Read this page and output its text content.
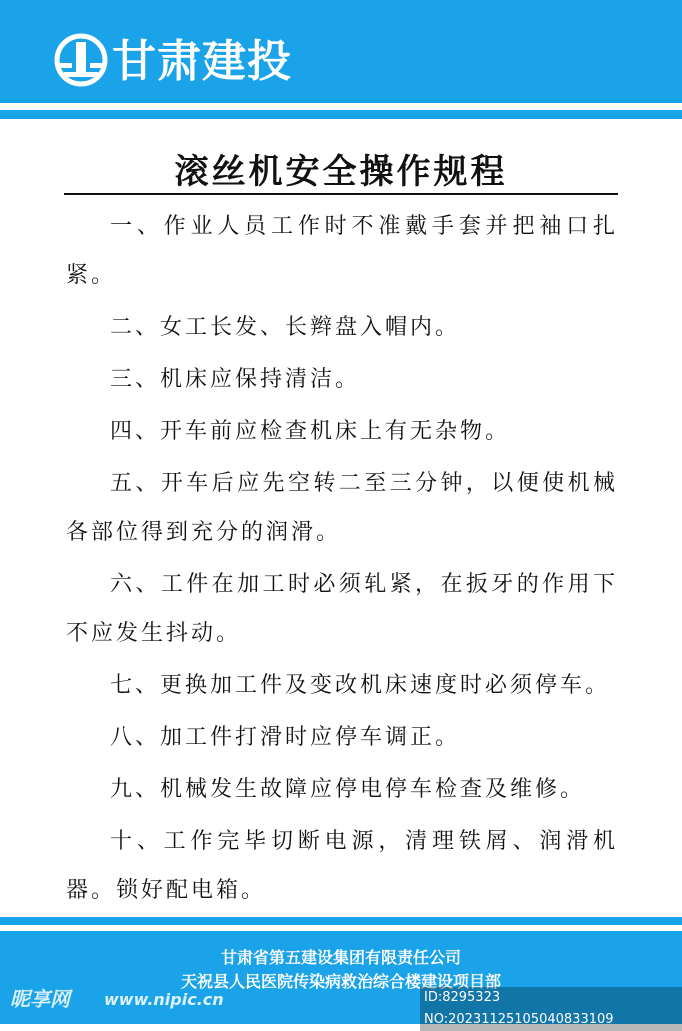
甘肃建投
滚丝机安全操作规程
一、作业人员工作时不准戴手套并把袖口扎紧。
二、女工长发、长辫盘入帽内。
三、机床应保持清洁。
四、开车前应检查机床上有无杂物。
五、开车后应先空转二至三分钟，以便使机械各部位得到充分的润滑。
六、工件在加工时必须轧紧，在扳牙的作用下不应发生抖动。
七、更换加工件及变改机床速度时必须停车。
八、加工件打滑时应停车调正。
九、机械发生故障应停电停车检查及维修。
十、工作完毕切断电源，清理铁屑、润滑机器。锁好配电箱。
甘肃省第五建设集团有限责任公司
天祝县人民医院传染病救治综合楼建设项目部
昵享网 www.nipic.cn	ID:8295323 NO:20231125105040833109
